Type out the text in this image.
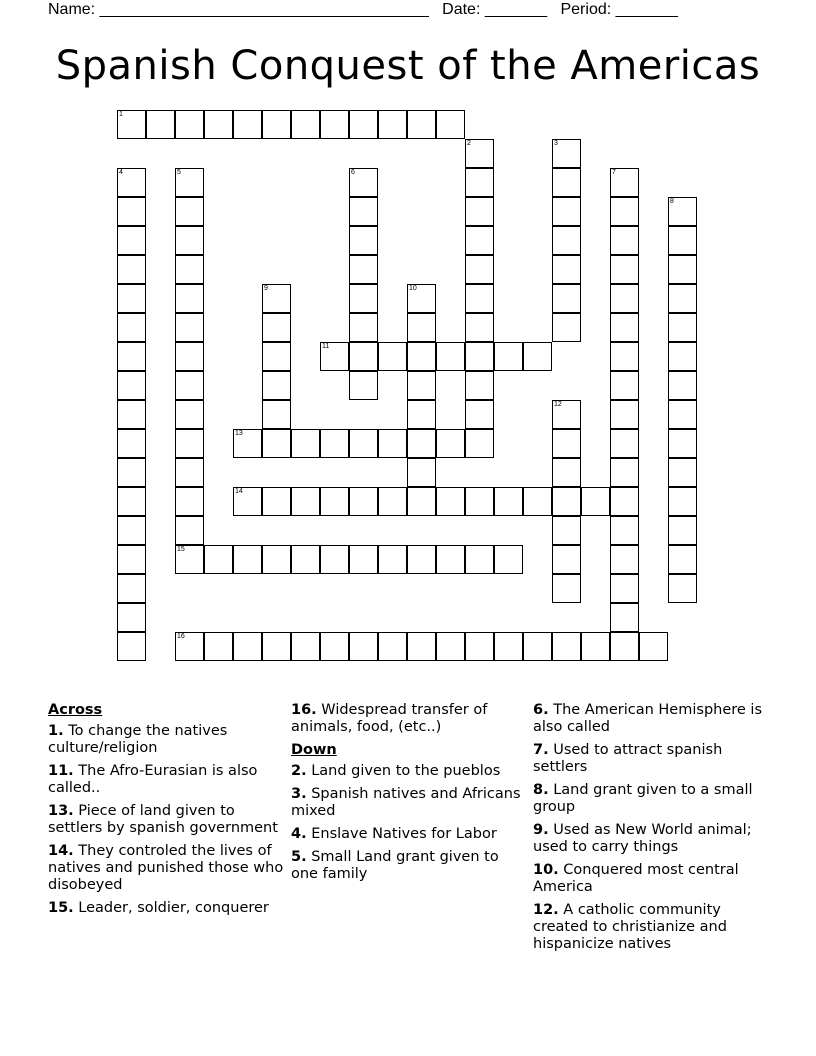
Name: _____________________________________ Date: _______ Period: _______
Spanish Conquest of the Americas
1
2	3
4	5	6	7
8
9	10
11
12
13
14
15
16
Across
1. To change the natives culture/religion
11. The Afro-Eurasian is also called..
13. Piece of land given to settlers by spanish government
14. They controled the lives of natives and punished those who disobeyed
15. Leader, soldier, conquerer
16. Widespread transfer of animals, food, (etc..)
Down
2. Land given to the pueblos
3. Spanish natives and Africans mixed
4. Enslave Natives for Labor
5. Small Land grant given to one family
6. The American Hemisphere is also called
7. Used to attract spanish settlers
8. Land grant given to a small group
9. Used as New World animal; used to carry things
10. Conquered most central America
12. A catholic community created to christianize and hispanicize natives
